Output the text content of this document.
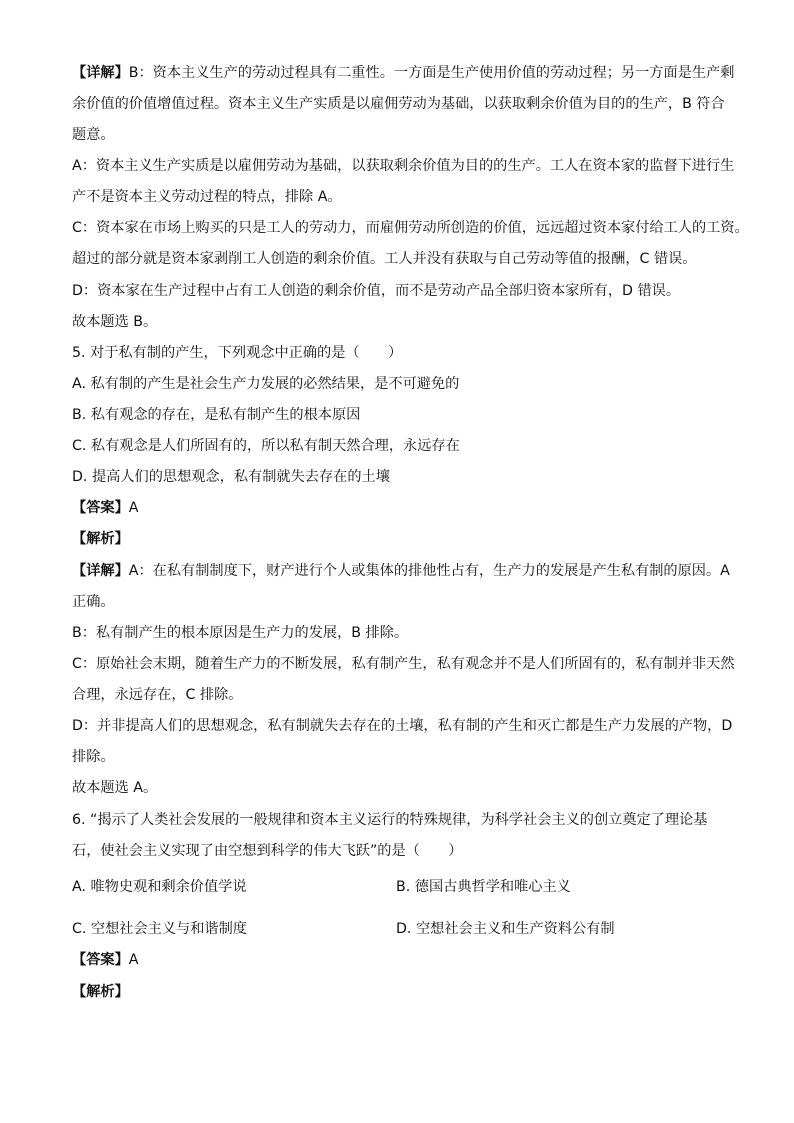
【详解】B：资本主义生产的劳动过程具有二重性。一方面是生产使用价值的劳动过程；另一方面是生产剩
余价值的价值增值过程。资本主义生产实质是以雇佣劳动为基础，以获取剩余价值为目的的生产，B 符合
题意。
A：资本主义生产实质是以雇佣劳动为基础，以获取剩余价值为目的的生产。工人在资本家的监督下进行生
产不是资本主义劳动过程的特点，排除 A。
C：资本家在市场上购买的只是工人的劳动力，而雇佣劳动所创造的价值，远远超过资本家付给工人的工资。
超过的部分就是资本家剥削工人创造的剩余价值。工人并没有获取与自己劳动等值的报酬，C 错误。
D：资本家在生产过程中占有工人创造的剩余价值，而不是劳动产品全部归资本家所有，D 错误。
故本题选 B。
5. 对于私有制的产生，下列观念中正确的是（　　）
A. 私有制的产生是社会生产力发展的必然结果，是不可避免的
B. 私有观念的存在，是私有制产生的根本原因
C. 私有观念是人们所固有的，所以私有制天然合理，永远存在
D. 提高人们的思想观念，私有制就失去存在的土壤
【答案】A
【解析】
【详解】A：在私有制制度下，财产进行个人或集体的排他性占有，生产力的发展是产生私有制的原因。A
正确。
B：私有制产生的根本原因是生产力的发展，B 排除。
C：原始社会末期，随着生产力的不断发展，私有制产生，私有观念并不是人们所固有的，私有制并非天然
合理，永远存在，C 排除。
D：并非提高人们的思想观念，私有制就失去存在的土壤，私有制的产生和灭亡都是生产力发展的产物，D
排除。
故本题选 A。
6. “揭示了人类社会发展的一般规律和资本主义运行的特殊规律，为科学社会主义的创立奠定了理论基
石，使社会主义实现了由空想到科学的伟大飞跃”的是（　　）
A. 唯物史观和剩余价值学说	B. 德国古典哲学和唯心主义
C. 空想社会主义与和谐制度	D. 空想社会主义和生产资料公有制
【答案】A
【解析】
